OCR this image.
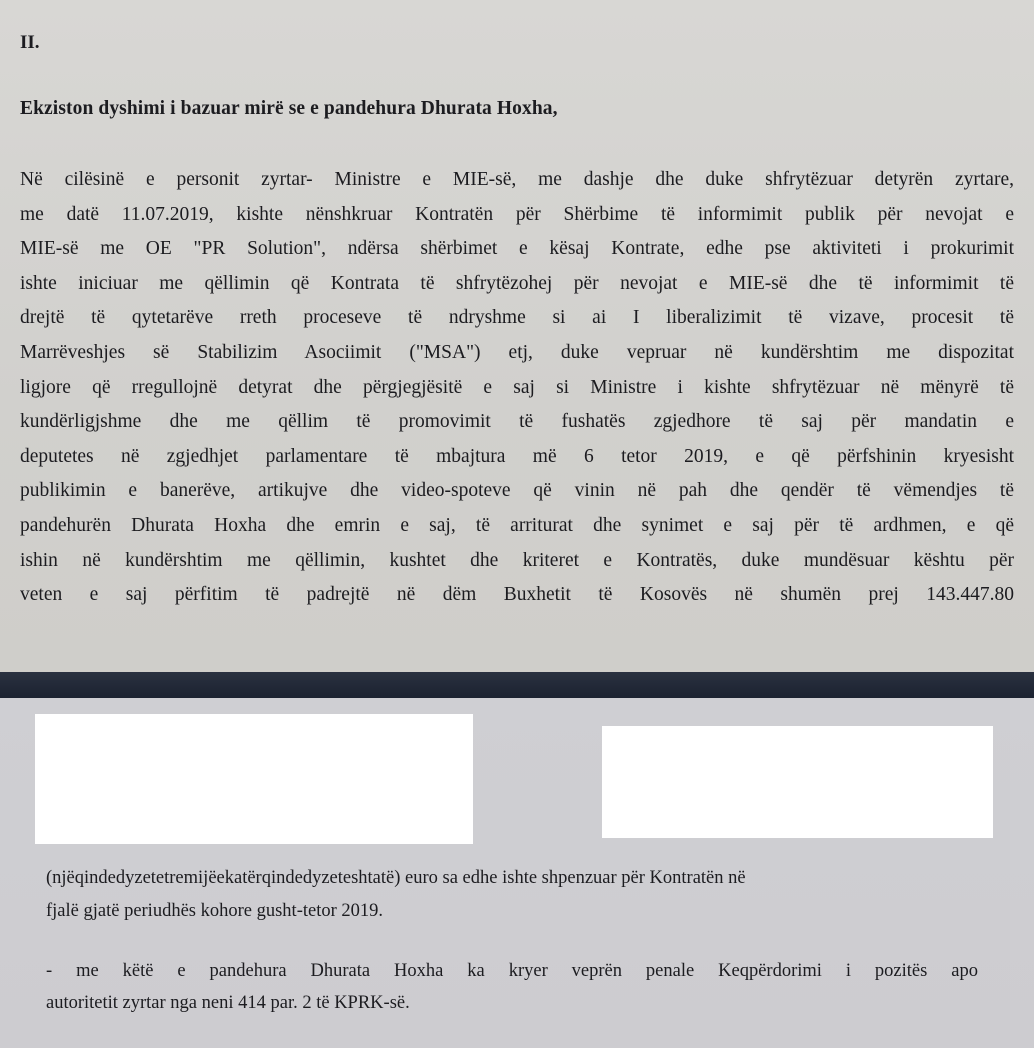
II.

Ekziston dyshimi i bazuar mirë se e pandehura Dhurata Hoxha,

Në cilësinë e personit zyrtar- Ministre e MIE-së, me dashje dhe duke shfrytëzuar detyrën zyrtare,
me datë 11.07.2019, kishte nënshkruar Kontratën për Shërbime të informimit publik për nevojat e
MIE-së me OE "PR Solution", ndërsa shërbimet e kësaj Kontrate, edhe pse aktiviteti i prokurimit
ishte iniciuar me qëllimin që Kontrata të shfrytëzohej për nevojat e MIE-së dhe të informimit të
drejtë të qytetarëve rreth proceseve të ndryshme si ai I liberalizimit të vizave, procesit të
Marrëveshjes së Stabilizim Asociimit ("MSA") etj, duke vepruar në kundërshtim me dispozitat
ligjore që rregullojnë detyrat dhe përgjegjësitë e saj si Ministre i kishte shfrytëzuar në mënyrë të
kundërligjshme dhe me qëllim të promovimit të fushatës zgjedhore të saj për mandatin e
deputetes në zgjedhjet parlamentare të mbajtura më 6 tetor 2019, e që përfshinin kryesisht
publikimin e banerëve, artikujve dhe video-spoteve që vinin në pah dhe qendër të vëmendjes të
pandehurën Dhurata Hoxha dhe emrin e saj, të arriturat dhe synimet e saj për të ardhmen, e që
ishin në kundërshtim me qëllimin, kushtet dhe kriteret e Kontratës, duke mundësuar kështu për
veten e saj përfitim të padrejtë në dëm Buxhetit të Kosovës në shumën prej 143.447.80

(njëqindedyzetetremijëekatërqindedyzeteshtatë) euro sa edhe ishte shpenzuar për Kontratën në
fjalë gjatë periudhës kohore gusht-tetor 2019.

- me këtë e pandehura Dhurata Hoxha ka kryer veprën penale Keqpërdorimi i pozitës apo
autoritetit zyrtar nga neni 414 par. 2 të KPRK-së.
